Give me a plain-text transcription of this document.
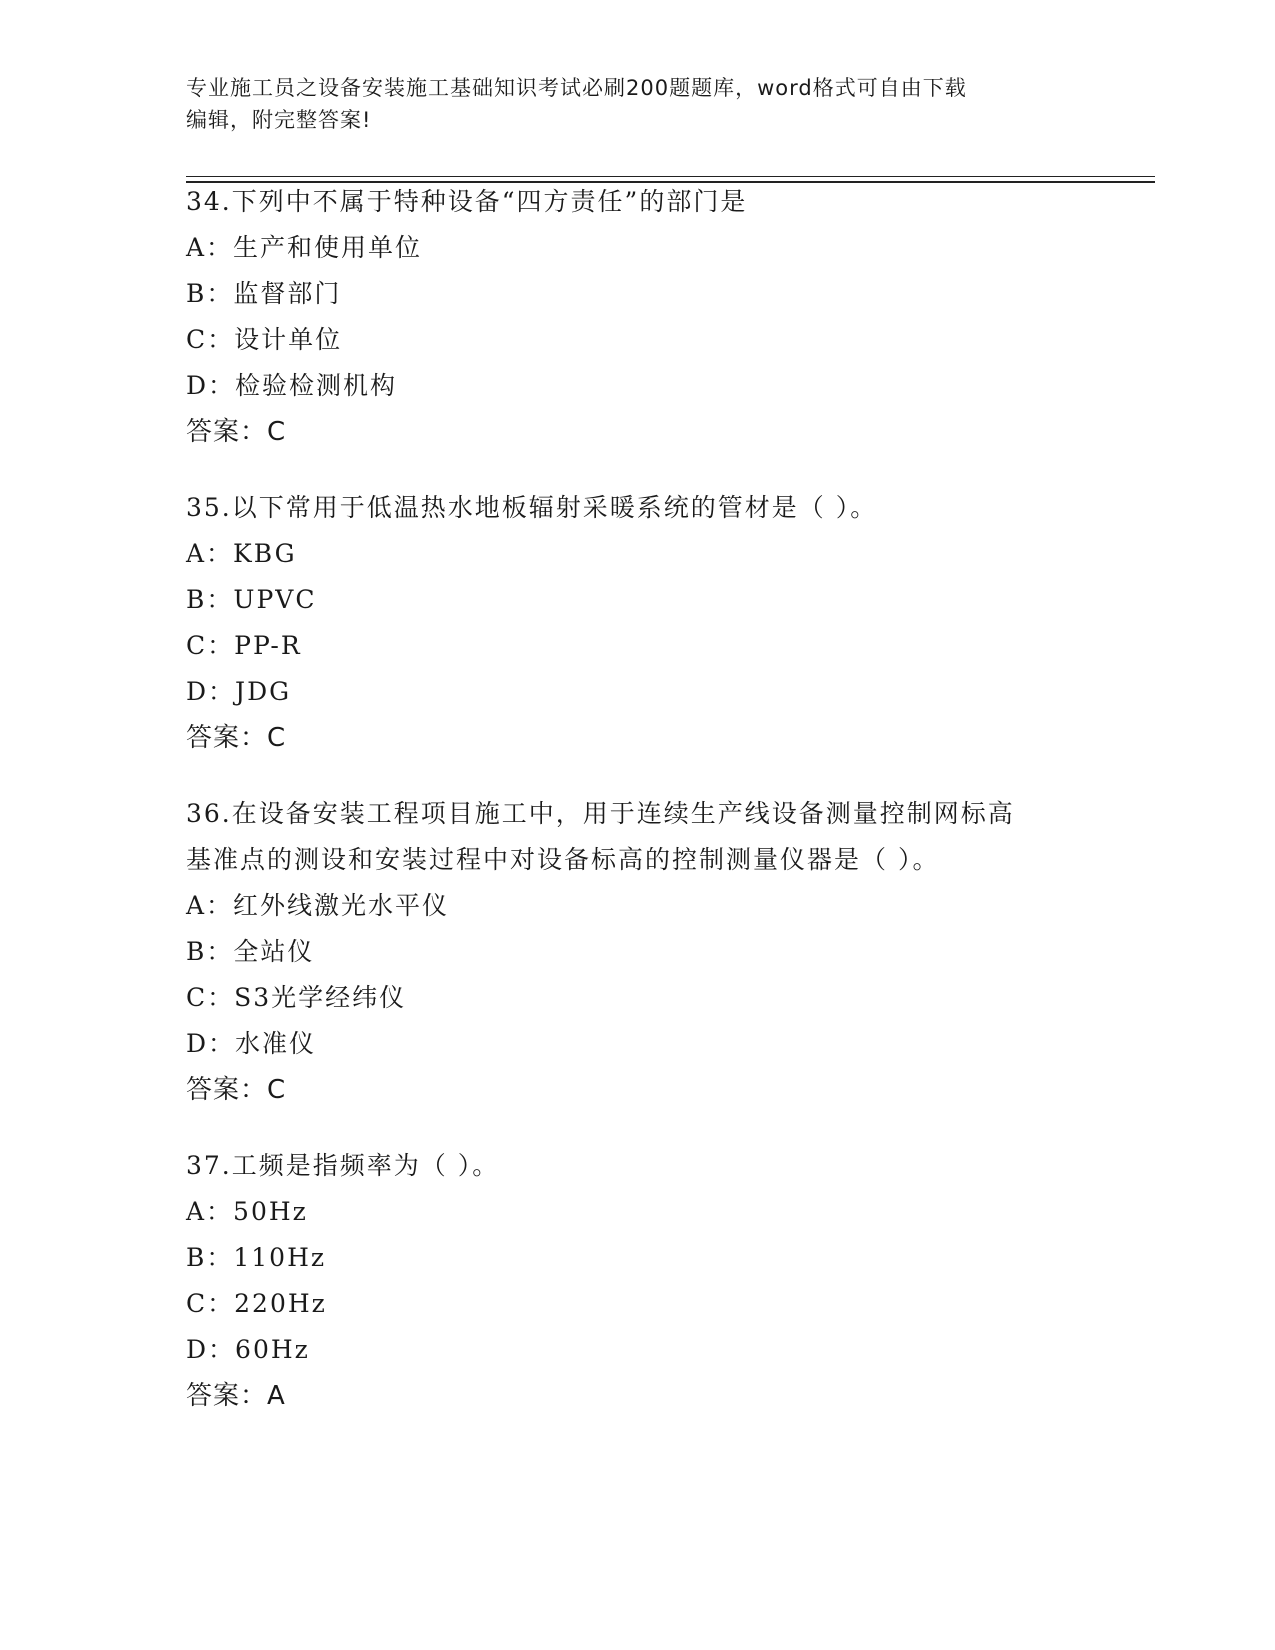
专业施工员之设备安装施工基础知识考试必刷200题题库，word格式可自由下载
编辑，附完整答案!

34.下列中不属于特种设备“四方责任”的部门是

A：生产和使用单位

B：监督部门

C：设计单位

D：检验检测机构

答案：C

35.以下常用于低温热水地板辐射采暖系统的管材是（ ）。

A：KBG

B：UPVC

C：PP-R

D：JDG

答案：C

36.在设备安装工程项目施工中，用于连续生产线设备测量控制网标高

基准点的测设和安装过程中对设备标高的控制测量仪器是（ ）。

A：红外线激光水平仪

B：全站仪

C：S3光学经纬仪

D：水准仪

答案：C

37.工频是指频率为（ ）。

A：50Hz

B：110Hz

C：220Hz

D：60Hz

答案：A
